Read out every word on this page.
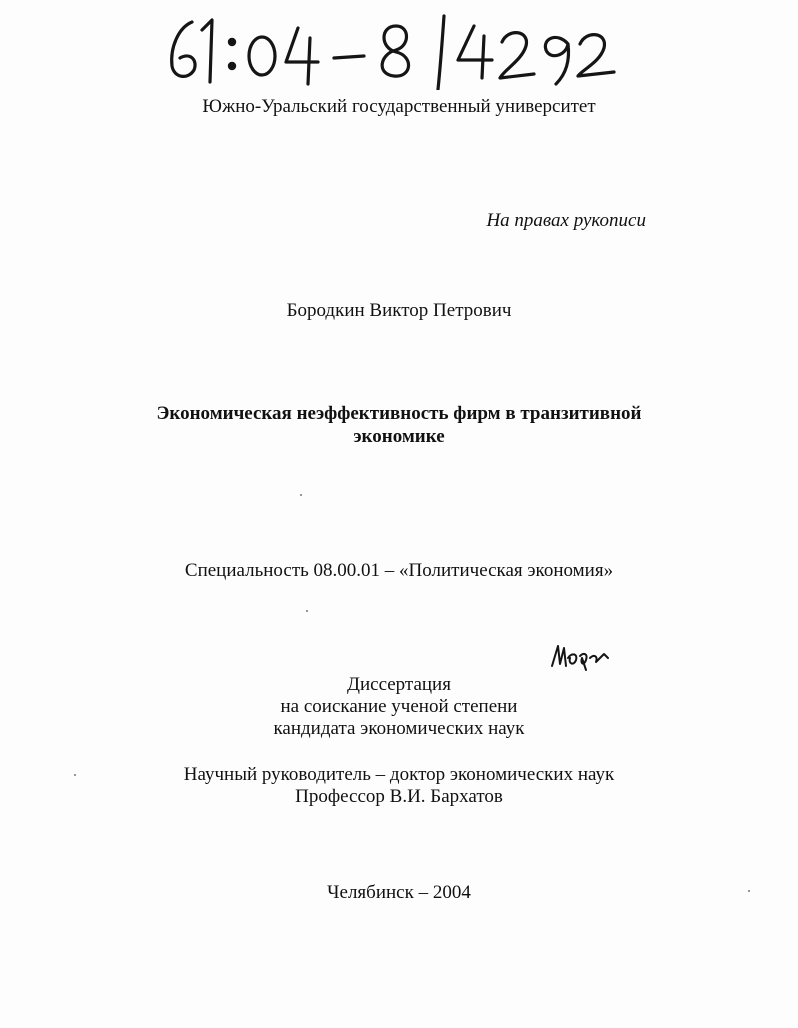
Южно-Уральский государственный университет
На правах рукописи
Бородкин Виктор Петрович
Экономическая неэффективность фирм в транзитивной
экономике
Специальность 08.00.01 – «Политическая экономия»
Диссертация
на соискание ученой степени
кандидата экономических наук
Научный руководитель – доктор экономических наук
Профессор В.И. Бархатов
Челябинск – 2004
